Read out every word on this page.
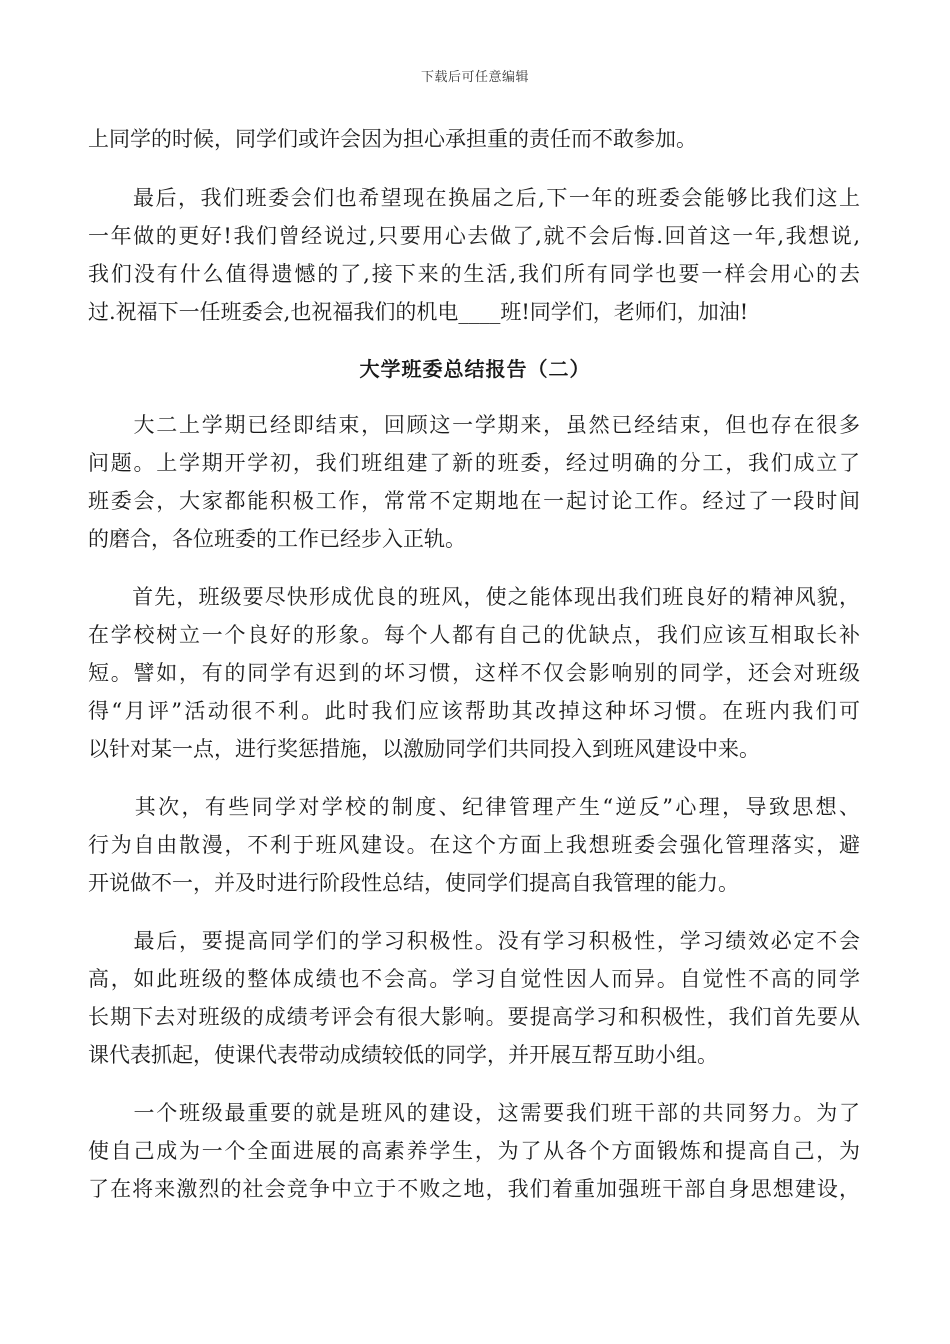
下载后可任意编辑
上同学的时候，同学们或许会因为担心承担重的责任而不敢参加。
　　最后，我们班委会们也希望现在换届之后,下一年的班委会能够比我们这上
一年做的更好!我们曾经说过,只要用心去做了,就不会后悔.回首这一年,我想说,
我们没有什么值得遗憾的了,接下来的生活,我们所有同学也要一样会用心的去
过.祝福下一任班委会,也祝福我们的机电____班!同学们，老师们，加油!
大学班委总结报告（二）
　　大二上学期已经即结束，回顾这一学期来，虽然已经结束，但也存在很多
问题。上学期开学初，我们班组建了新的班委，经过明确的分工，我们成立了
班委会，大家都能积极工作，常常不定期地在一起讨论工作。经过了一段时间
的磨合，各位班委的工作已经步入正轨。
　　首先，班级要尽快形成优良的班风，使之能体现出我们班良好的精神风貌，
在学校树立一个良好的形象。每个人都有自己的优缺点，我们应该互相取长补
短。譬如，有的同学有迟到的坏习惯，这样不仅会影响别的同学，还会对班级
得“月评”活动很不利。此时我们应该帮助其改掉这种坏习惯。在班内我们可
以针对某一点，进行奖惩措施，以激励同学们共同投入到班风建设中来。
　　其次，有些同学对学校的制度、纪律管理产生“逆反”心理，导致思想、
行为自由散漫，不利于班风建设。在这个方面上我想班委会强化管理落实，避
开说做不一，并及时进行阶段性总结，使同学们提高自我管理的能力。
　　最后，要提高同学们的学习积极性。没有学习积极性，学习绩效必定不会
高，如此班级的整体成绩也不会高。学习自觉性因人而异。自觉性不高的同学
长期下去对班级的成绩考评会有很大影响。要提高学习和积极性，我们首先要从
课代表抓起，使课代表带动成绩较低的同学，并开展互帮互助小组。
　　一个班级最重要的就是班风的建设，这需要我们班干部的共同努力。为了
使自己成为一个全面进展的高素养学生，为了从各个方面锻炼和提高自己，为
了在将来激烈的社会竞争中立于不败之地，我们着重加强班干部自身思想建设，
